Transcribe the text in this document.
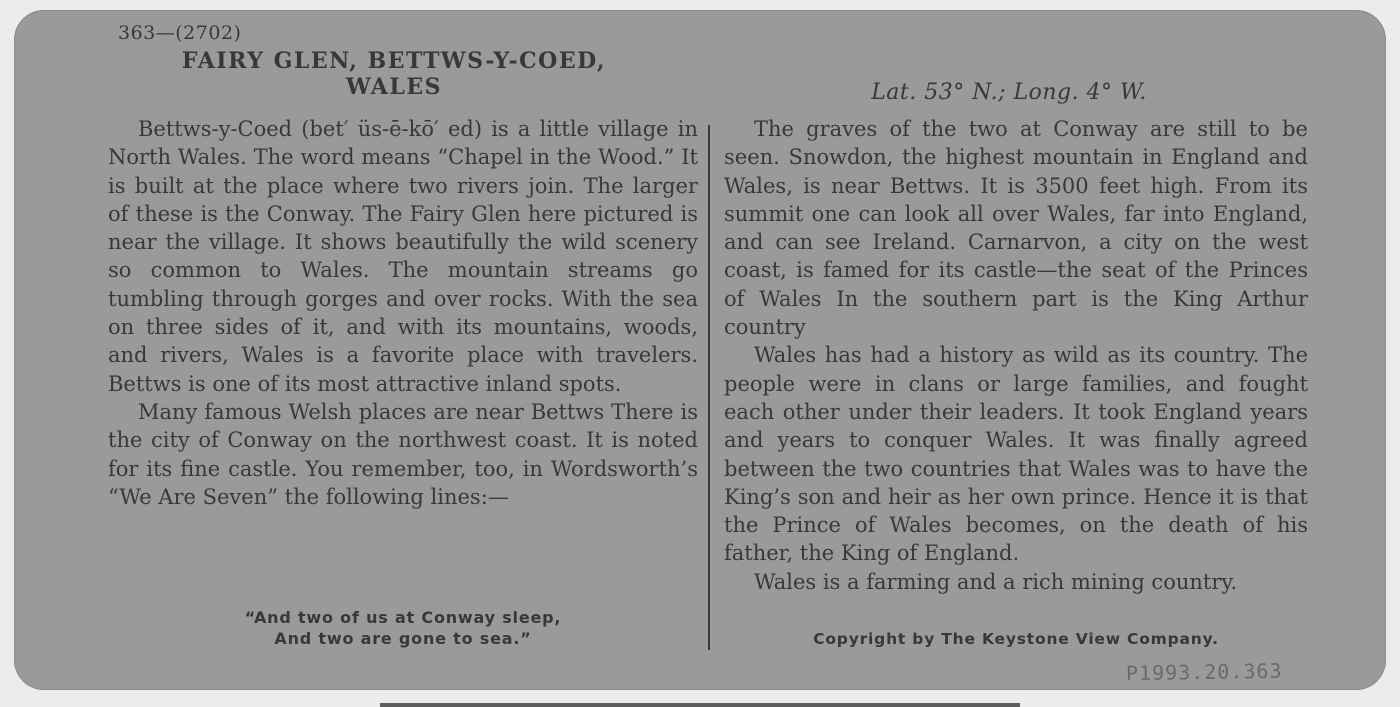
363—(2702)
FAIRY GLEN, BETTWS-Y-COED,
WALES	Lat. 53° N.; Long. 4° W.

Bettws-y-Coed (bet′ üs-ē-kō′ ed) is a little village in North Wales. The word means “Chapel in the Wood.” It is built at the place where two rivers join. The larger of these is the Conway. The Fairy Glen here pictured is near the village. It shows beautifully the wild scenery so common to Wales. The mountain streams go tumbling through gorges and over rocks. With the sea on three sides of it, and with its mountains, woods, and rivers, Wales is a favorite place with travelers. Bettws is one of its most attractive inland spots.

Many famous Welsh places are near Bettws There is the city of Conway on the northwest coast. It is noted for its fine castle. You remember, too, in Wordsworth’s “We Are Seven” the following lines:—

“And two of us at Conway sleep,
And two are gone to sea.”

The graves of the two at Conway are still to be seen. Snowdon, the highest mountain in England and Wales, is near Bettws. It is 3500 feet high. From its summit one can look all over Wales, far into England, and can see Ireland. Carnarvon, a city on the west coast, is famed for its castle—the seat of the Princes of Wales In the southern part is the King Arthur country

Wales has had a history as wild as its country. The people were in clans or large families, and fought each other under their leaders. It took England years and years to conquer Wales. It was finally agreed between the two countries that Wales was to have the King’s son and heir as her own prince. Hence it is that the Prince of Wales becomes, on the death of his father, the King of England.

Wales is a farming and a rich mining country.

Copyright by The Keystone View Company.
P1993.20.363
